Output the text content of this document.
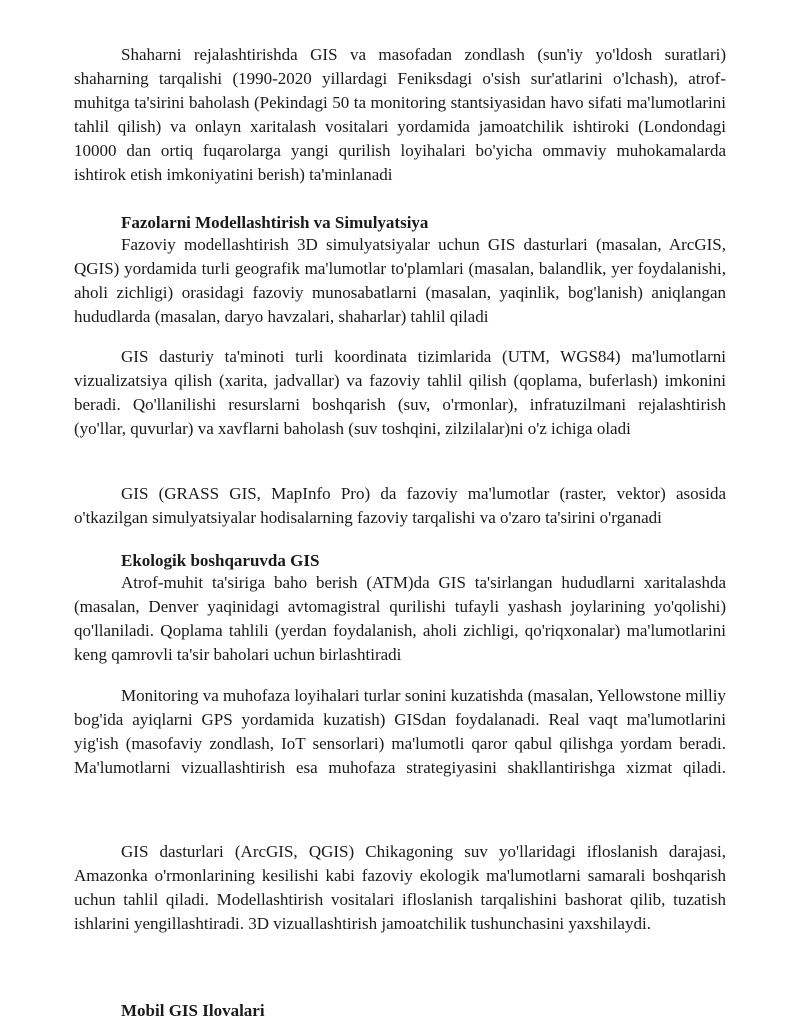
Shaharni rejalashtirishda GIS va masofadan zondlash (sun'iy yo'ldosh suratlari) shaharning tarqalishi (1990-2020 yillardagi Feniksdagi o'sish sur'atlarini o'lchash), atrof-muhitga ta'sirini baholash (Pekindagi 50 ta monitoring stantsiyasidan havo sifati ma'lumotlarini tahlil qilish) va onlayn xaritalash vositalari yordamida jamoatchilik ishtiroki (Londondagi 10000 dan ortiq fuqarolarga yangi qurilish loyihalari bo'yicha ommaviy muhokamalarda ishtirok etish imkoniyatini berish) ta'minlanadi

Fazolarni Modellashtirish va Simulyatsiya

Fazoviy modellashtirish 3D simulyatsiyalar uchun GIS dasturlari (masalan, ArcGIS, QGIS) yordamida turli geografik ma'lumotlar to'plamlari (masalan, balandlik, yer foydalanishi, aholi zichligi) orasidagi fazoviy munosabatlarni (masalan, yaqinlik, bog'lanish) aniqlangan hududlarda (masalan, daryo havzalari, shaharlar) tahlil qiladi

GIS dasturiy ta'minoti turli koordinata tizimlarida (UTM, WGS84) ma'lumotlarni vizualizatsiya qilish (xarita, jadvallar) va fazoviy tahlil qilish (qoplama, buferlash) imkonini beradi. Qo'llanilishi resurslarni boshqarish (suv, o'rmonlar), infratuzilmani rejalashtirish (yo'llar, quvurlar) va xavflarni baholash (suv toshqini, zilzilalar)ni o'z ichiga oladi

GIS (GRASS GIS, MapInfo Pro) da fazoviy ma'lumotlar (raster, vektor) asosida o'tkazilgan simulyatsiyalar hodisalarning fazoviy tarqalishi va o'zaro ta'sirini o'rganadi

Ekologik boshqaruvda GIS

Atrof-muhit ta'siriga baho berish (ATM)da GIS ta'sirlangan hududlarni xaritalashda (masalan, Denver yaqinidagi avtomagistral qurilishi tufayli yashash joylarining yo'qolishi) qo'llaniladi. Qoplama tahlili (yerdan foydalanish, aholi zichligi, qo'riqxonalar) ma'lumotlarini keng qamrovli ta'sir baholari uchun birlashtiradi

Monitoring va muhofaza loyihalari turlar sonini kuzatishda (masalan, Yellowstone milliy bog'ida ayiqlarni GPS yordamida kuzatish) GISdan foydalanadi. Real vaqt ma'lumotlarini yig'ish (masofaviy zondlash, IoT sensorlari) ma'lumotli qaror qabul qilishga yordam beradi. Ma'lumotlarni vizuallashtirish esa muhofaza strategiyasini shakllantirishga xizmat qiladi.

GIS dasturlari (ArcGIS, QGIS) Chikagoning suv yo'llaridagi ifloslanish darajasi, Amazonka o'rmonlarining kesilishi kabi fazoviy ekologik ma'lumotlarni samarali boshqarish uchun tahlil qiladi. Modellashtirish vositalari ifloslanish tarqalishini bashorat qilib, tuzatish ishlarini yengillashtiradi. 3D vizuallashtirish jamoatchilik tushunchasini yaxshilaydi.

Mobil GIS Ilovalari
